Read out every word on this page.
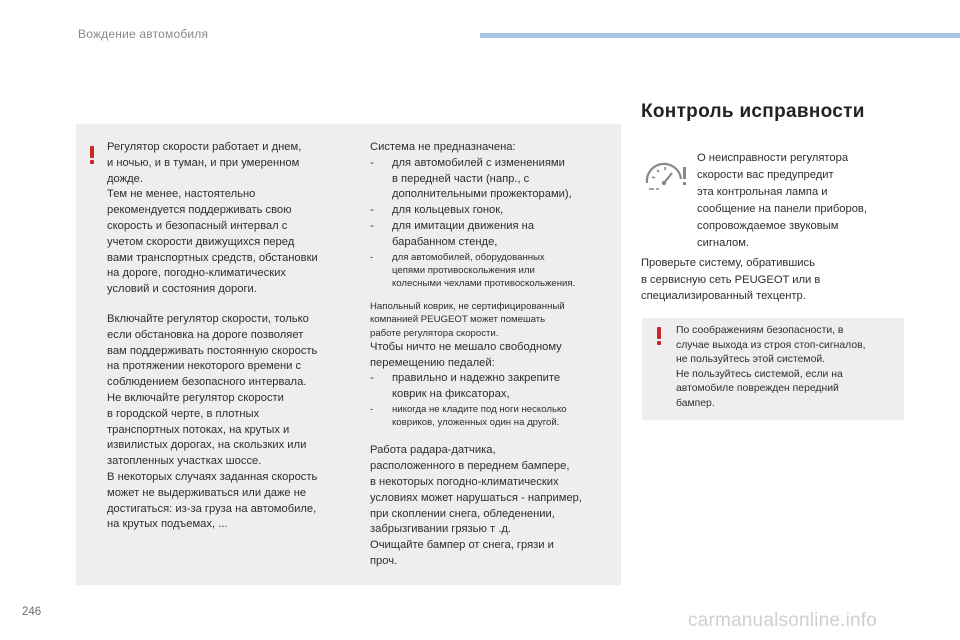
Вождение автомобиля

Регулятор скорости работает и днем,

и ночью, и в туман, и при умеренном

дожде.

Тем не менее, настоятельно

рекомендуется поддерживать свою

скорость и безопасный интервал с

учетом скорости движущихся перед

вами транспортных средств, обстановки

на дороге, погодно-климатических

условий и состояния дороги.

Включайте регулятор скорости, только

если обстановка на дороге позволяет

вам поддерживать постоянную скорость

на протяжении некоторого времени с

соблюдением безопасного интервала.

Не включайте регулятор скорости

в городской черте, в плотных

транспортных потоках, на крутых и

извилистых дорогах, на скользких или

затопленных участках шоссе.

В некоторых случаях заданная скорость

может не выдерживаться или даже не

достигаться: из-за груза на автомобиле,

на крутых подъемах, ...

Система не предназначена:

-	для автомобилей с изменениями

в передней части (напр., с

дополнительными прожекторами),

-	для кольцевых гонок,

-	для имитации движения на

барабанном стенде,

-	для автомобилей, оборудованных

цепями противоскольжения или

колесными чехлами противоскольжения.

Напольный коврик, не сертифицированный

компанией PEUGEOT может помешать

работе регулятора скорости.

Чтобы ничто не мешало свободному

перемещению педалей:

-	правильно и надежно закрепите

коврик на фиксаторах,

-	никогда не кладите под ноги несколько

ковриков, уложенных один на другой.

Работа радара-датчика,

расположенного в переднем бампере,

в некоторых погодно-климатических

условиях может нарушаться - например,

при скоплении снега, обледенении,

забрызгивании грязью т .д.

Очищайте бампер от снега, грязи и

проч.

Контроль исправности
О неисправности регулятора
скорости вас предупредит
эта контрольная лампа и
сообщение на панели приборов,
сопровождаемое звуковым
сигналом.
Проверьте систему, обратившись
в сервисную сеть PEUGEOT или в
специализированный техцентр.
По соображениям безопасности, в
случае выхода из строя стоп-сигналов,
не пользуйтесь этой системой.
Не пользуйтесь системой, если на
автомобиле поврежден передний
бампер.
246	carmanualsonline.info
